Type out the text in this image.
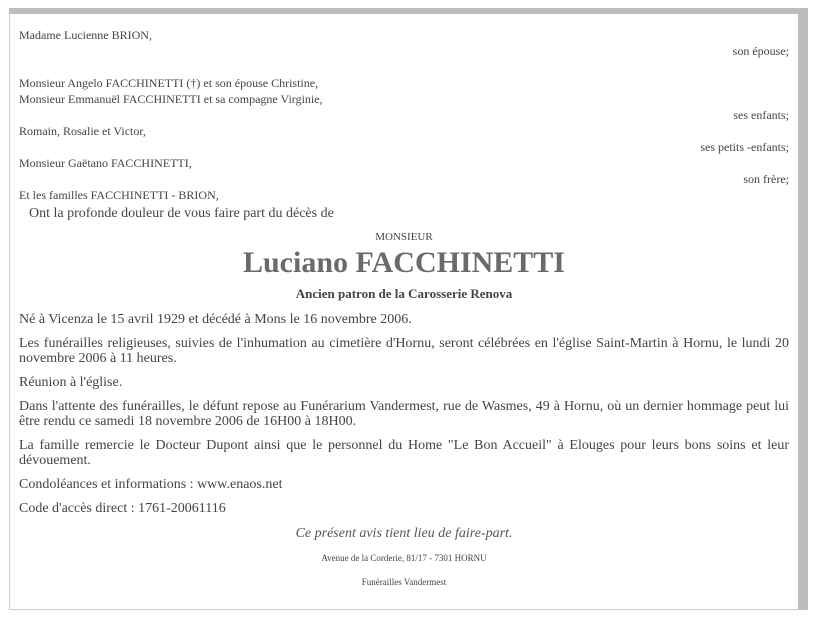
Madame Lucienne BRION,
son épouse;
Monsieur Angelo FACCHINETTI (†) et son épouse Christine,
Monsieur Emmanuël FACCHINETTI et sa compagne Virginie,
ses enfants;
Romain, Rosalie et Victor,
ses petits -enfants;
Monsieur Gaëtano FACCHINETTI,
son frère;
Et les familles FACCHINETTI - BRION,
Ont la profonde douleur de vous faire part du décès de
MONSIEUR
Luciano FACCHINETTI
Ancien patron de la Carosserie Renova
Né à Vicenza le 15 avril 1929 et décédé à Mons le 16 novembre 2006.
Les funérailles religieuses, suivies de l'inhumation au cimetière d'Hornu, seront célébrées en l'église Saint-Martin à Hornu, le lundi 20 novembre 2006 à 11 heures.
Réunion à l'église.
Dans l'attente des funérailles, le défunt repose au Funérarium Vandermest, rue de Wasmes, 49 à Hornu, où un dernier hommage peut lui être rendu ce samedi 18 novembre 2006 de 16H00 à 18H00.
La famille remercie le Docteur Dupont ainsi que le personnel du Home "Le Bon Accueil" à Elouges pour leurs bons soins et leur dévouement.
Condoléances et informations : www.enaos.net
Code d'accès direct : 1761-20061116
Ce présent avis tient lieu de faire-part.
Avenue de la Corderie, 81/17 - 7301 HORNU
Funérailles Vandermest
